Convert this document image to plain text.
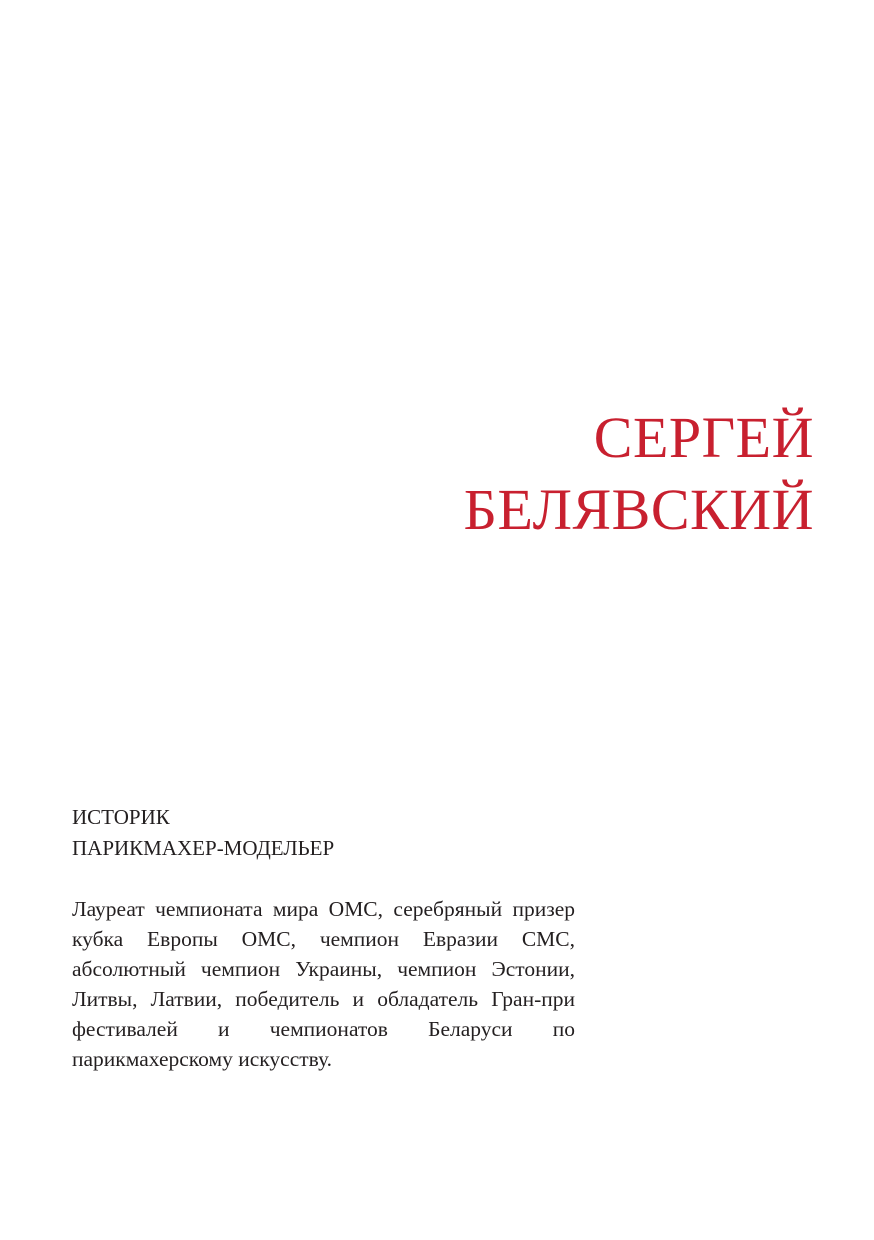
СЕРГЕЙ
БЕЛЯВСКИЙ
ИСТОРИК
ПАРИКМАХЕР-МОДЕЛЬЕР

Лауреат чемпионата мира ОМС, серебряный призер кубка Европы ОМС, чемпион Евразии СМС, абсолютный чемпион Украины, чемпион Эстонии, Литвы, Латвии, победитель и обладатель Гран-при фестивалей и чемпионатов Беларуси по парикмахерскому искусству.
